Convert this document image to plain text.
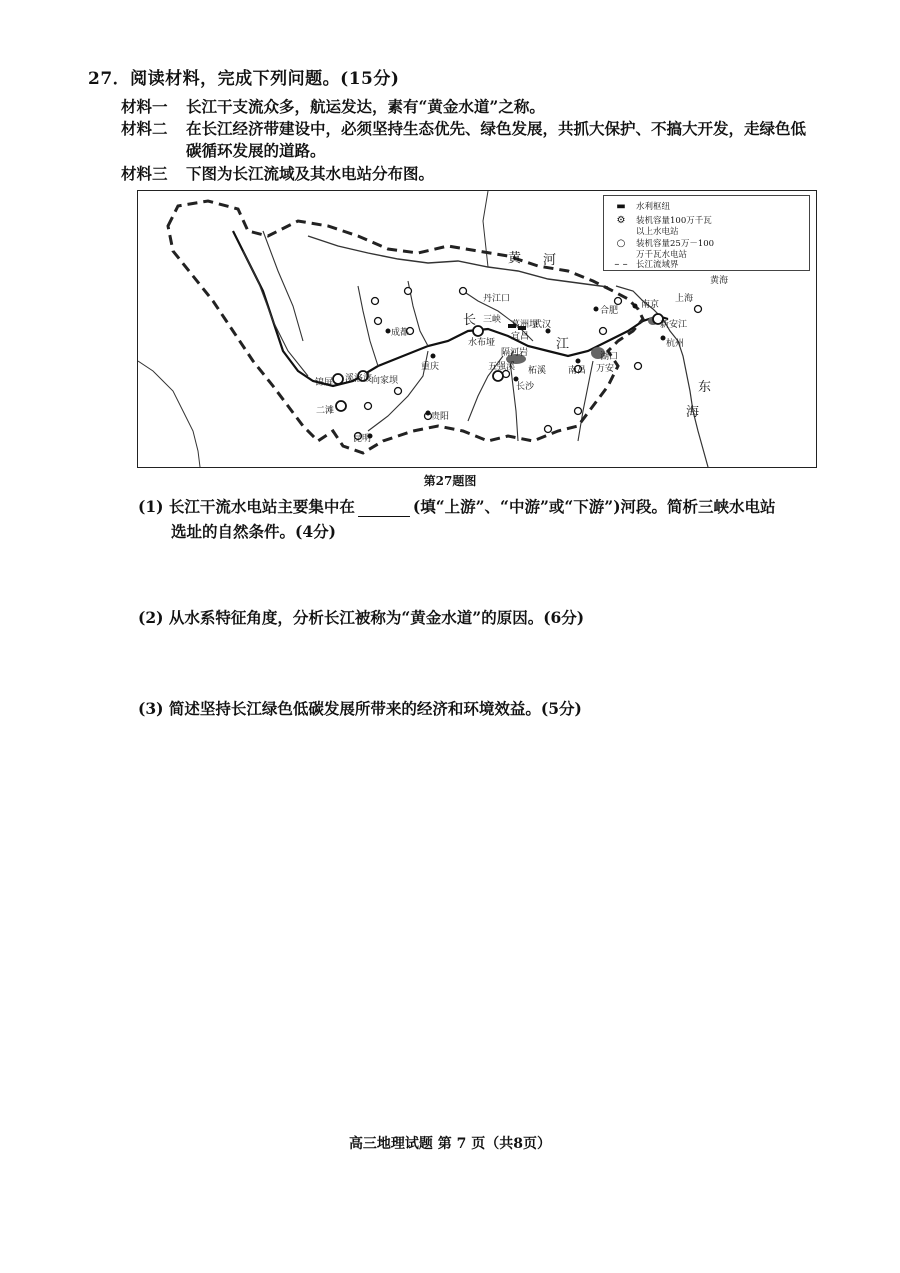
27．阅读材料，完成下列问题。(15分)
材料一 长江干支流众多，航运发达，素有“黄金水道”之称。
材料二 在长江经济带建设中，必须坚持生态优先、绿色发展，共抓大保护、不搞大开发，走绿色低
碳循环发展的道路。
材料三 下图为长江流域及其水电站分布图。
黄 河
长
江
东
海
黄海
成都
重庆
武汉
南京
上海
合肥
杭州
南昌
长沙
贵阳
昆明
丹江口
三峡 葛洲坝
宜昌
水布垭
隔河岩
五强溪
溪洛渡
向家坝
二滩
锦屏
柘溪	万安
湖口
新安江
▬	水利枢纽
⚙	装机容量100万千瓦
以上水电站
○	装机容量25万－100
万千瓦水电站
– – 长江流域界
第27题图
(1) 长江干流水电站主要集中在	(填“上游”、“中游”或“下游”)河段。简析三峡水电站
选址的自然条件。(4分)
(2) 从水系特征角度，分析长江被称为“黄金水道”的原因。(6分)
(3) 简述坚持长江绿色低碳发展所带来的经济和环境效益。(5分)
高三地理试题 第 7 页（共8页）
